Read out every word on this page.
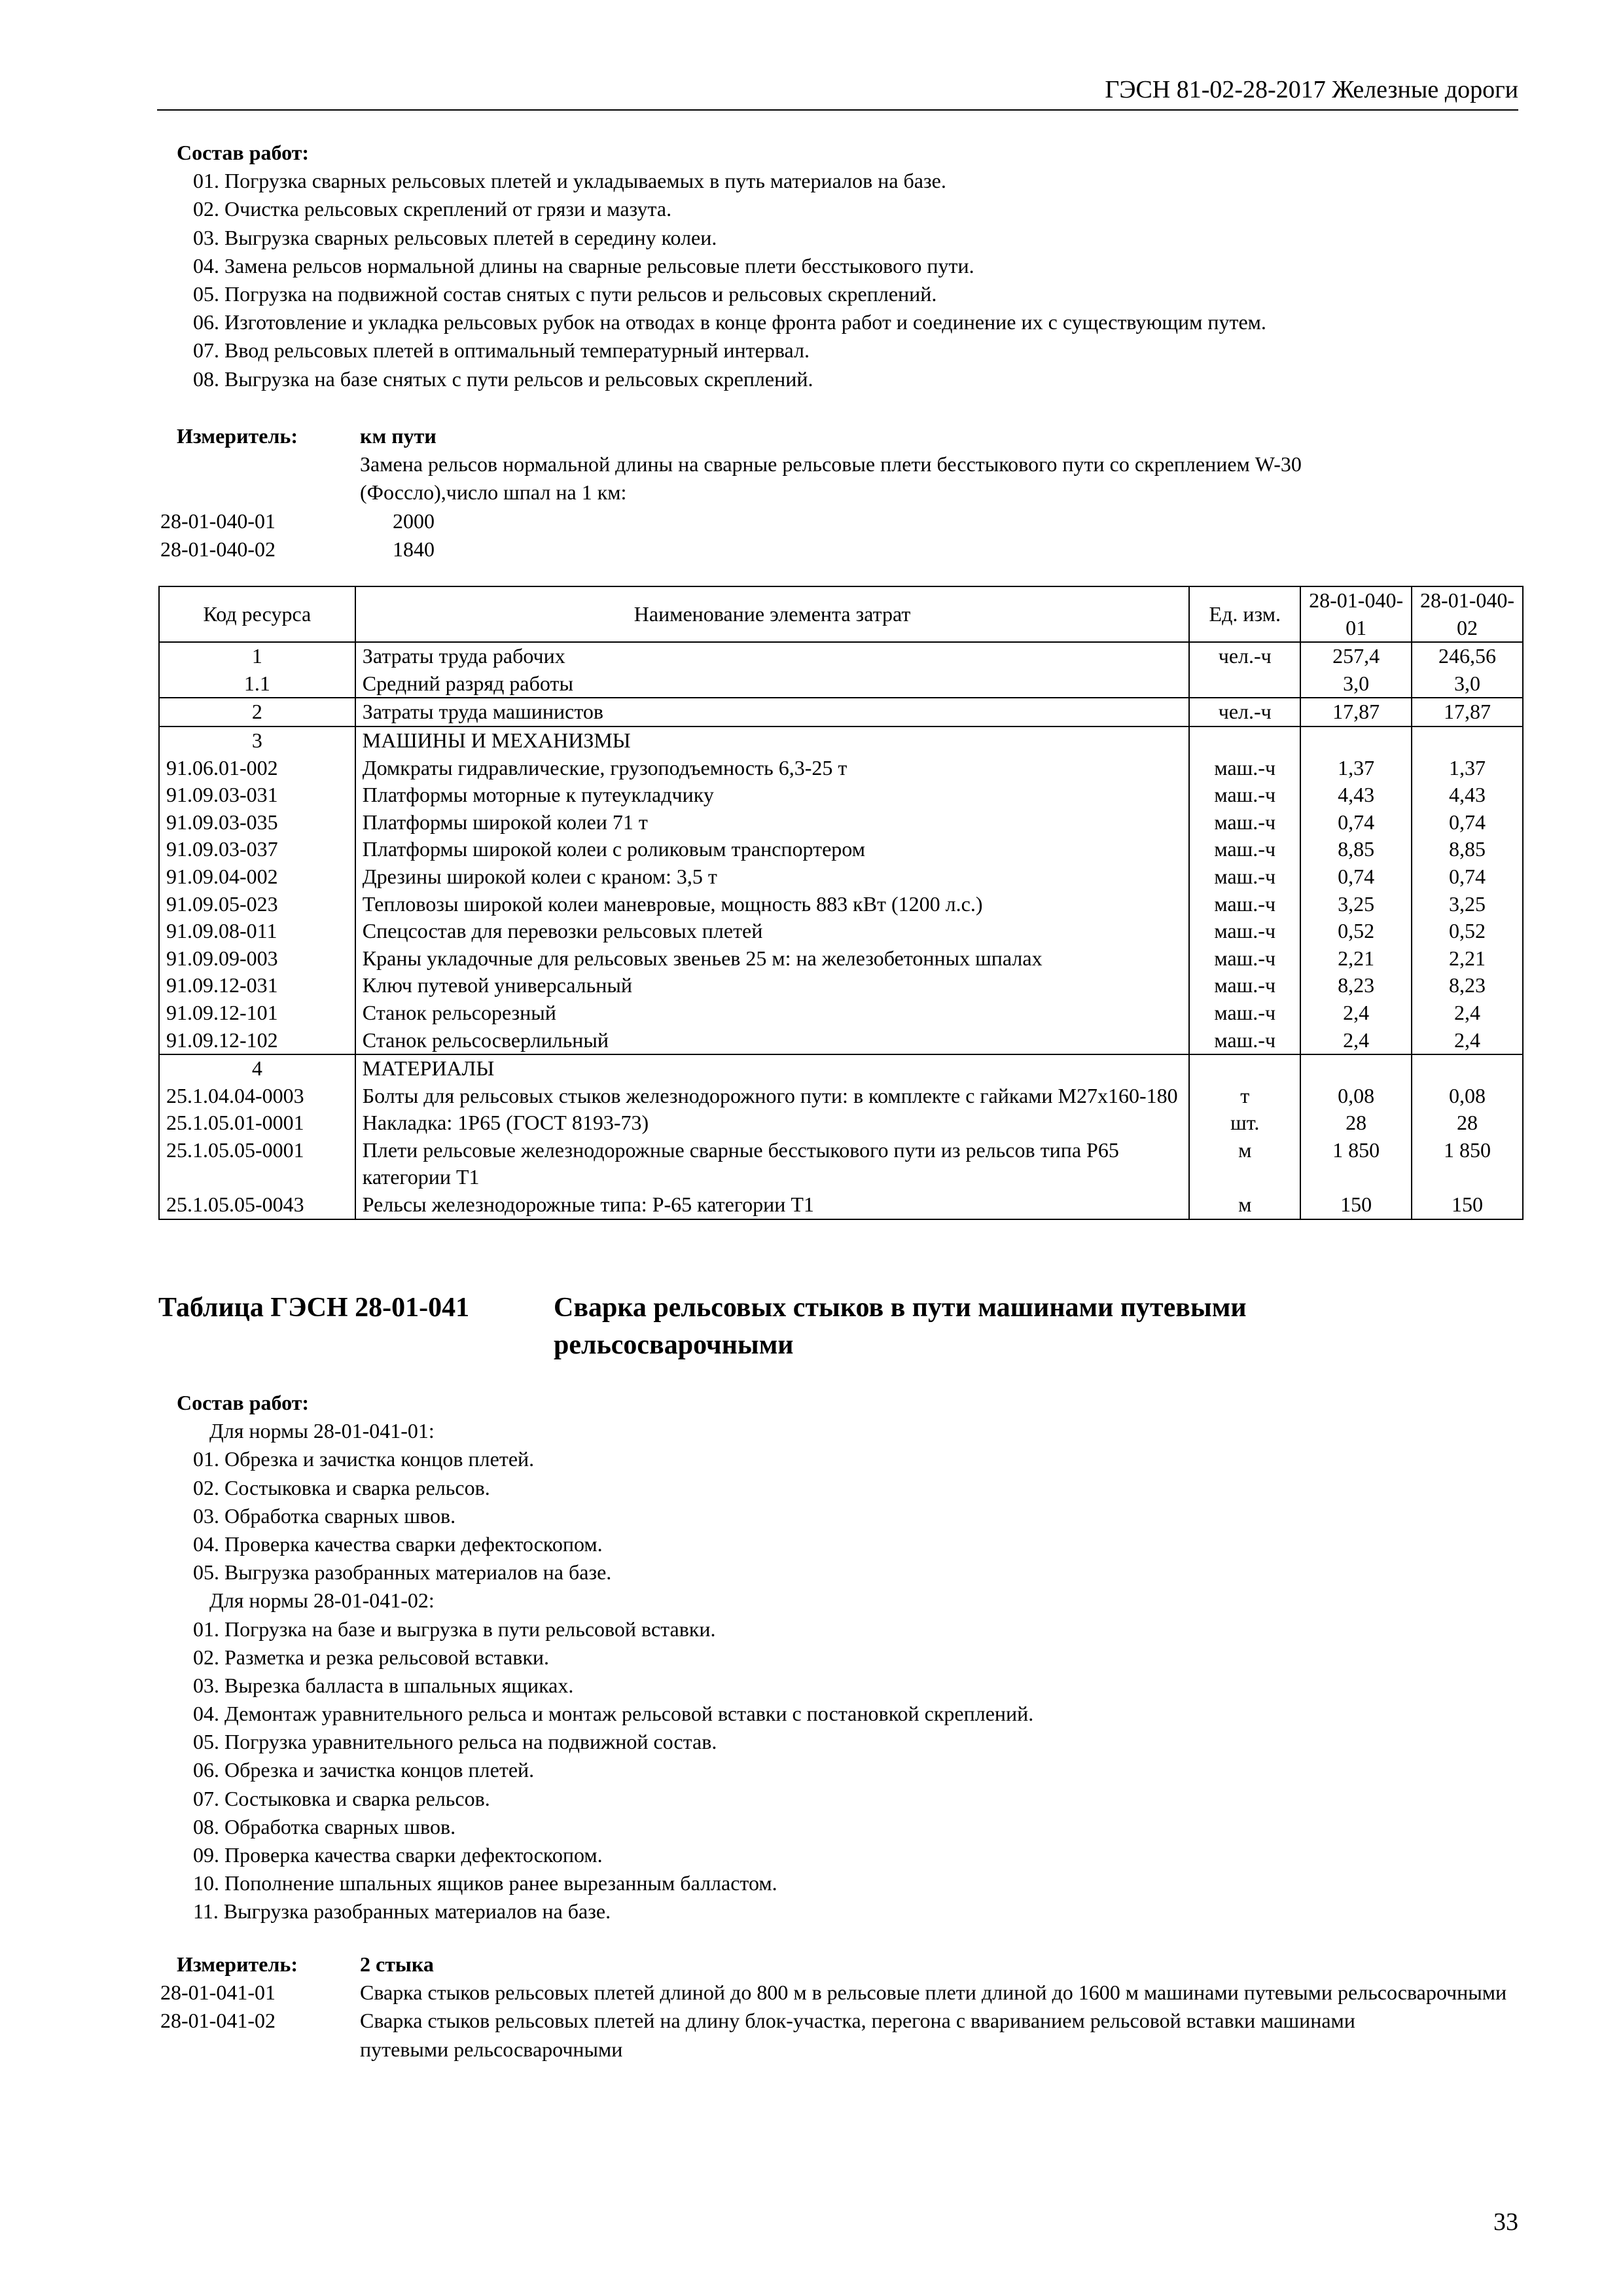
ГЭСН 81-02-28-2017 Железные дороги
Состав работ:
01. Погрузка сварных рельсовых плетей и укладываемых в путь материалов на базе.
02. Очистка рельсовых скреплений от грязи и мазута.
03. Выгрузка сварных рельсовых плетей в середину колеи.
04. Замена рельсов нормальной длины на сварные рельсовые плети бесстыкового пути.
05. Погрузка на подвижной состав снятых с пути рельсов и рельсовых скреплений.
06. Изготовление и укладка рельсовых рубок на отводах в конце фронта работ и соединение их с существующим путем.
07. Ввод рельсовых плетей в оптимальный температурный интервал.
08. Выгрузка на базе снятых с пути рельсов и рельсовых скреплений.
Измеритель:	км пути
Замена рельсов нормальной длины на сварные рельсовые плети бесстыкового пути со скреплением W-30 (Фоссло),число шпал на 1 км:
28-01-040-01	2000
28-01-040-02	1840
Код ресурса	Наименование элемента затрат	Ед. изм.	28-01-040-01	28-01-040-02
1	Затраты труда рабочих	чел.-ч	257,4	246,56
1.1	Средний разряд работы		3,0	3,0
2	Затраты труда машинистов	чел.-ч	17,87	17,87
3	МАШИНЫ И МЕХАНИЗМЫ			
91.06.01-002	Домкраты гидравлические, грузоподъемность 6,3-25 т	маш.-ч	1,37	1,37
91.09.03-031	Платформы моторные к путеукладчику	маш.-ч	4,43	4,43
91.09.03-035	Платформы широкой колеи 71 т	маш.-ч	0,74	0,74
91.09.03-037	Платформы широкой колеи с роликовым транспортером	маш.-ч	8,85	8,85
91.09.04-002	Дрезины широкой колеи с краном: 3,5 т	маш.-ч	0,74	0,74
91.09.05-023	Тепловозы широкой колеи маневровые, мощность 883 кВт (1200 л.с.)	маш.-ч	3,25	3,25
91.09.08-011	Спецсостав для перевозки рельсовых плетей	маш.-ч	0,52	0,52
91.09.09-003	Краны укладочные для рельсовых звеньев 25 м: на железобетонных шпалах	маш.-ч	2,21	2,21
91.09.12-031	Ключ путевой универсальный	маш.-ч	8,23	8,23
91.09.12-101	Станок рельсорезный	маш.-ч	2,4	2,4
91.09.12-102	Станок рельсосверлильный	маш.-ч	2,4	2,4
4	МАТЕРИАЛЫ			
25.1.04.04-0003	Болты для рельсовых стыков железнодорожного пути: в комплекте с гайками М27х160-180	т	0,08	0,08
25.1.05.01-0001	Накладка: 1Р65 (ГОСТ 8193-73)	шт.	28	28
25.1.05.05-0001	Плети рельсовые железнодорожные сварные бесстыкового пути из рельсов типа Р65 категории Т1	м	1 850	1 850
25.1.05.05-0043	Рельсы железнодорожные типа: Р-65 категории Т1	м	150	150
Таблица ГЭСН 28-01-041	Сварка рельсовых стыков в пути машинами путевыми рельсосварочными
Состав работ:
Для нормы 28-01-041-01:
01. Обрезка и зачистка концов плетей.
02. Состыковка и сварка рельсов.
03. Обработка сварных швов.
04. Проверка качества сварки дефектоскопом.
05. Выгрузка разобранных материалов на базе.
Для нормы 28-01-041-02:
01. Погрузка на базе и выгрузка в пути рельсовой вставки.
02. Разметка и резка рельсовой вставки.
03. Вырезка балласта в шпальных ящиках.
04. Демонтаж уравнительного рельса и монтаж рельсовой вставки с постановкой скреплений.
05. Погрузка уравнительного рельса на подвижной состав.
06. Обрезка и зачистка концов плетей.
07. Состыковка и сварка рельсов.
08. Обработка сварных швов.
09. Проверка качества сварки дефектоскопом.
10. Пополнение шпальных ящиков ранее вырезанным балластом.
11. Выгрузка разобранных материалов на базе.
Измеритель:	2 стыка
28-01-041-01	Сварка стыков рельсовых плетей длиной до 800 м в рельсовые плети длиной до 1600 м машинами путевыми рельсосварочными
28-01-041-02	Сварка стыков рельсовых плетей на длину блок-участка, перегона с ввариванием рельсовой вставки машинами путевыми рельсосварочными
33
